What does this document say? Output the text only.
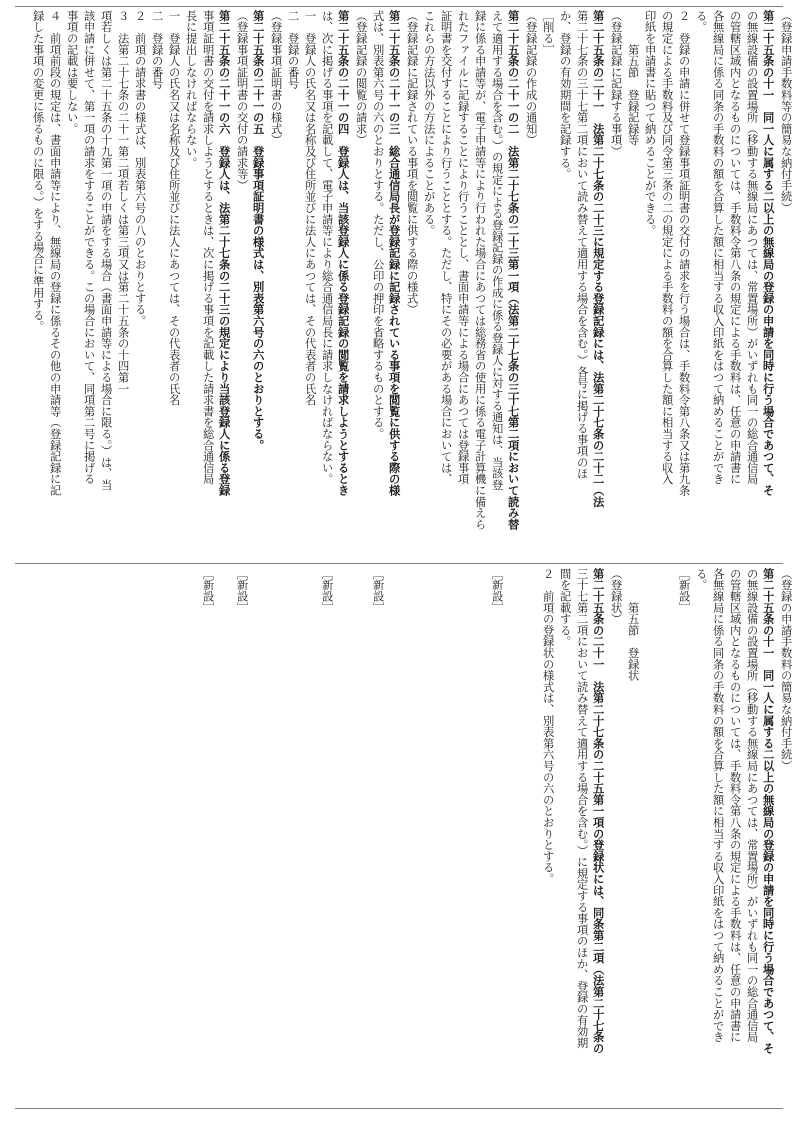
（登録申請手数料等の簡易な納付手続）
第二十五条の十一　同一人に属する二以上の無線局の登録の申請を同時に行う場合であつて、そ
の無線設備の設置場所（移動する無線局にあつては、常置場所）がいずれも同一の総合通信局
の管轄区域内となるものについては、手数料令第八条の規定による手数料は、任意の申請書に
各無線局に係る同条の手数料の額を合算した額に相当する収入印紙をはつて納めることができ
る。
２　登録の申請に併せて登録事項証明書の交付の請求を行う場合は、手数料令第八条又は第九条
の規定による手数料及び同令第三条の二の規定による手数料の額を合算した額に相当する収入
印紙を申請書に貼つて納めることができる。
　　　第五節　登録記録等
（登録記録に記録する事項）
第二十五条の二十一　法第二十七条の二十三に規定する登録記録には、法第二十七条の二十二（法
第二十七条の三十七第二項において読み替えて適用する場合を含む。）各号に掲げる事項のほ
か、登録の有効期間を記録する。
［削る］
（登録記録の作成の通知）
第二十五条の二十一の二　法第二十七条の二十三第一項（法第二十七条の三十七第二項において読み替
えて適用する場合を含む。）の規定による登録記録の作成に係る登録人に対する通知は、当該登
録に係る申請等が、電子申請等により行われた場合にあつては総務省の使用に係る電子計算機に備えら
れたファイルに記録することにより行うこととし、書面申請等による場合にあつては登録事項
証明書を交付することにより行うこととする。ただし、特にその必要がある場合においては、
これらの方法以外の方法によることがある。
（登録記録に記録されている事項を閲覧に供する際の様式）
第二十五条の二十一の三　総合通信局長が登録記録に記録されている事項を閲覧に供する際の様
式は、別表第六号の六のとおりとする。ただし、公印の押印を省略するものとする。
（登録記録の閲覧の請求）
第二十五条の二十一の四　登録人は、当該登録人に係る登録記録の閲覧を請求しようとするとき
は、次に掲げる事項を記載して、電子申請等により総合通信局長に請求しなければならない。
一　登録人の氏名又は名称及び住所並びに法人にあつては、その代表者の氏名
二　登録の番号
（登録事項証明書の様式）
第二十五条の二十一の五　登録事項証明書の様式は、別表第六号の六のとおりとする。
（登録事項証明書の交付の請求等）
第二十五条の二十一の六　登録人は、法第二十七条の二十三の規定により当該登録人に係る登録
事項証明書の交付を請求しようとするときは、次に掲げる事項を記載した請求書を総合通信局
長に提出しなければならない。
一　登録人の氏名又は名称及び住所並びに法人にあつては、その代表者の氏名
二　登録の番号
２　前項の請求書の様式は、別表第六号の八のとおりとする。
３　法第二十七条の二十一第二項若しくは第三項又は第二十五条の十四第一
項若しくは第二十五条の十九第一項の申請をする場合（書面申請等による場合に限る。）は、当
該申請に併せて、第一項の請求をすることができる。この場合において、同項第二号に掲げる
事項の記載は要しない。
４　前項前段の規定は、書面申請等により、無線局の登録に係るその他の申請等（登録記録に記
録した事項の変更に係るものに限る。）をする場合に準用する。
（登録の申請手数料の簡易な納付手続）
第二十五条の十一　同一人に属する二以上の無線局の登録の申請を同時に行う場合であつて、そ
の無線設備の設置場所（移動する無線局にあつては、常置場所）がいずれも同一の総合通信局
の管轄区域内となるものについては、手数料令第八条の規定による手数料は、任意の申請書に
各無線局に係る同条の手数料の額を合算した額に相当する収入印紙をはつて納めることができ
る。
［新設］
　　　第五節　登録状
（登録状）
第二十五条の二十一　法第二十七条の二十五第一項の登録状には、同条第二項（法第二十七条の
三十七第二項において読み替えて適用する場合を含む。）に規定する事項のほか、登録の有効期
間を記載する。
２　前項の登録状の様式は、別表第六号の六のとおりとする。
［新設］
［新設］
［新設］
［新設］
［新設］
